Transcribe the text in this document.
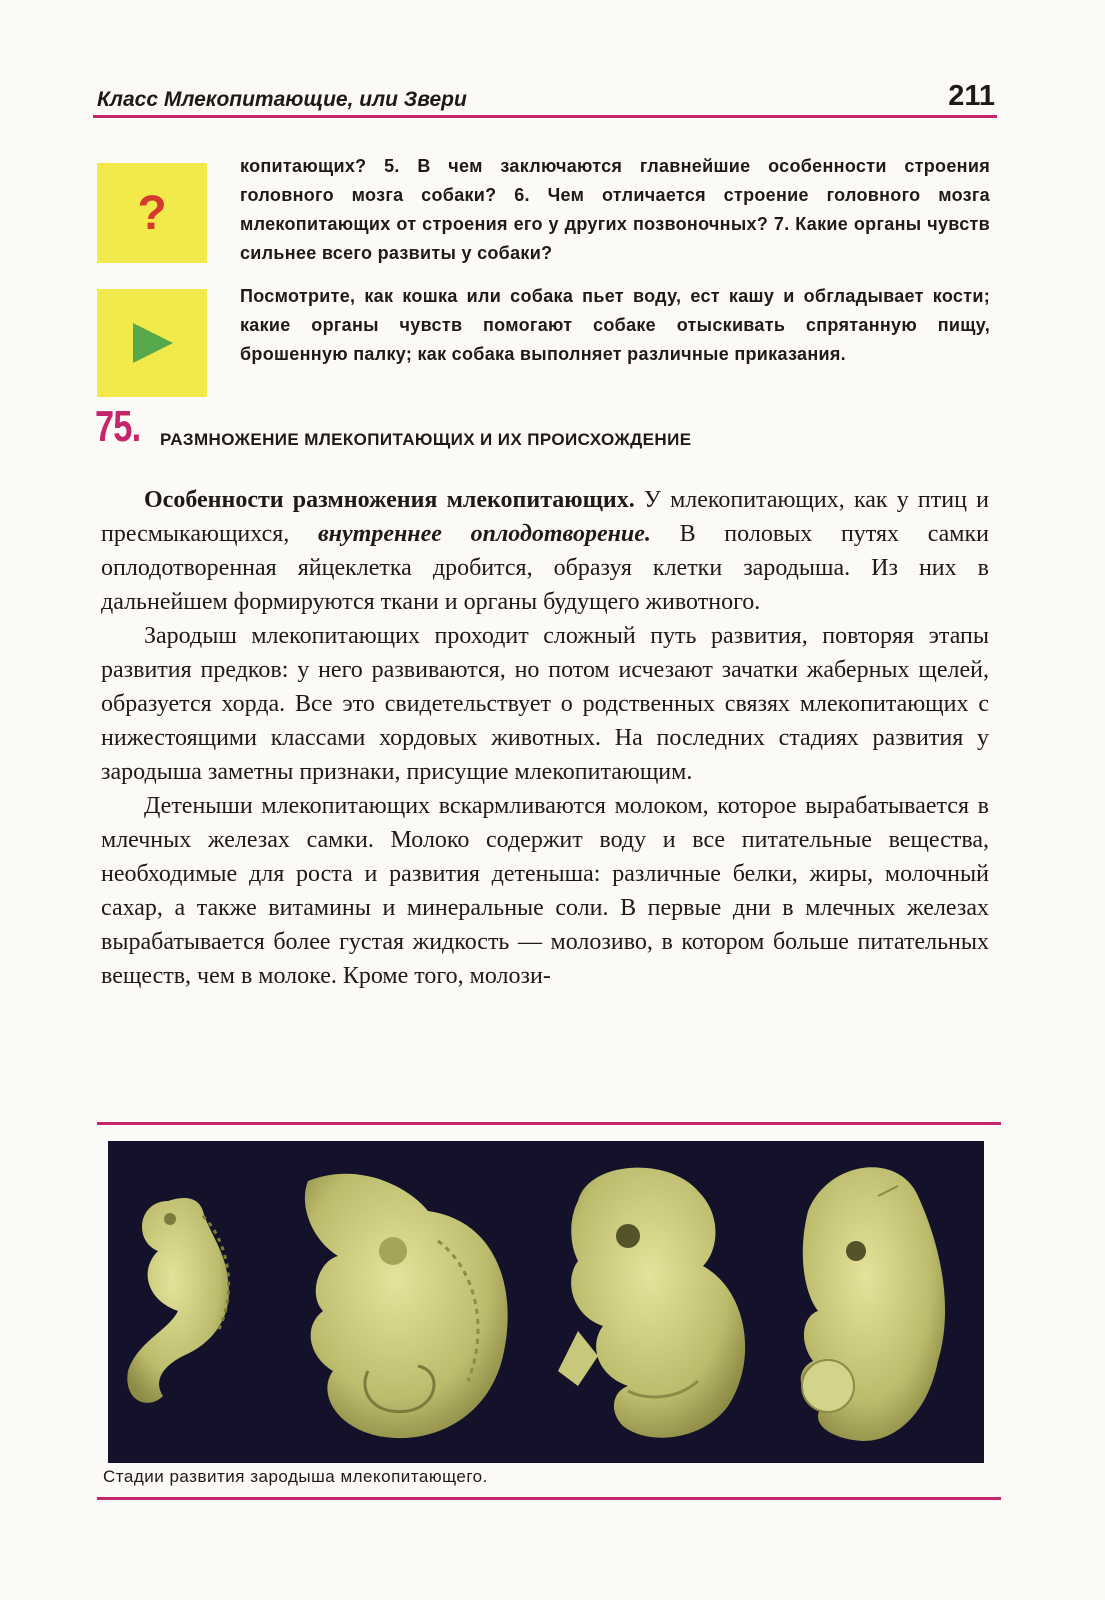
Класс Млекопитающие, или Звери	211
?
копитающих? 5. В чем заключаются главнейшие особенности строения головного мозга собаки? 6. Чем отличается строение головного мозга млекопитающих от строения его у других позвоночных? 7. Какие органы чувств сильнее всего развиты у собаки?
Посмотрите, как кошка или собака пьет воду, ест кашу и обгладывает кости; какие органы чувств помогают собаке отыскивать спрятанную пищу, брошенную палку; как собака выполняет различные приказания.
75. РАЗМНОЖЕНИЕ МЛЕКОПИТАЮЩИХ И ИХ ПРОИСХОЖДЕНИЕ

Особенности размножения млекопитающих. У млекопитающих, как у птиц и пресмыкающихся, внутреннее оплодотворение. В половых путях самки оплодотворенная яйцеклетка дробится, образуя клетки зародыша. Из них в дальнейшем формируются ткани и органы будущего животного.

Зародыш млекопитающих проходит сложный путь развития, повторяя этапы развития предков: у него развиваются, но потом исчезают зачатки жаберных щелей, образуется хорда. Все это свидетельствует о родственных связях млекопитающих с нижестоящими классами хордовых животных. На последних стадиях развития у зародыша заметны признаки, присущие млекопитающим.

Детеныши млекопитающих вскармливаются молоком, которое вырабатывается в млечных железах самки. Молоко содержит воду и все питательные вещества, необходимые для роста и развития детеныша: различные белки, жиры, молочный сахар, а также витамины и минеральные соли. В первые дни в млечных железах вырабатывается более густая жидкость — молозиво, в котором больше питательных веществ, чем в молоке. Кроме того, молози-

Стадии развития зародыша млекопитающего.
